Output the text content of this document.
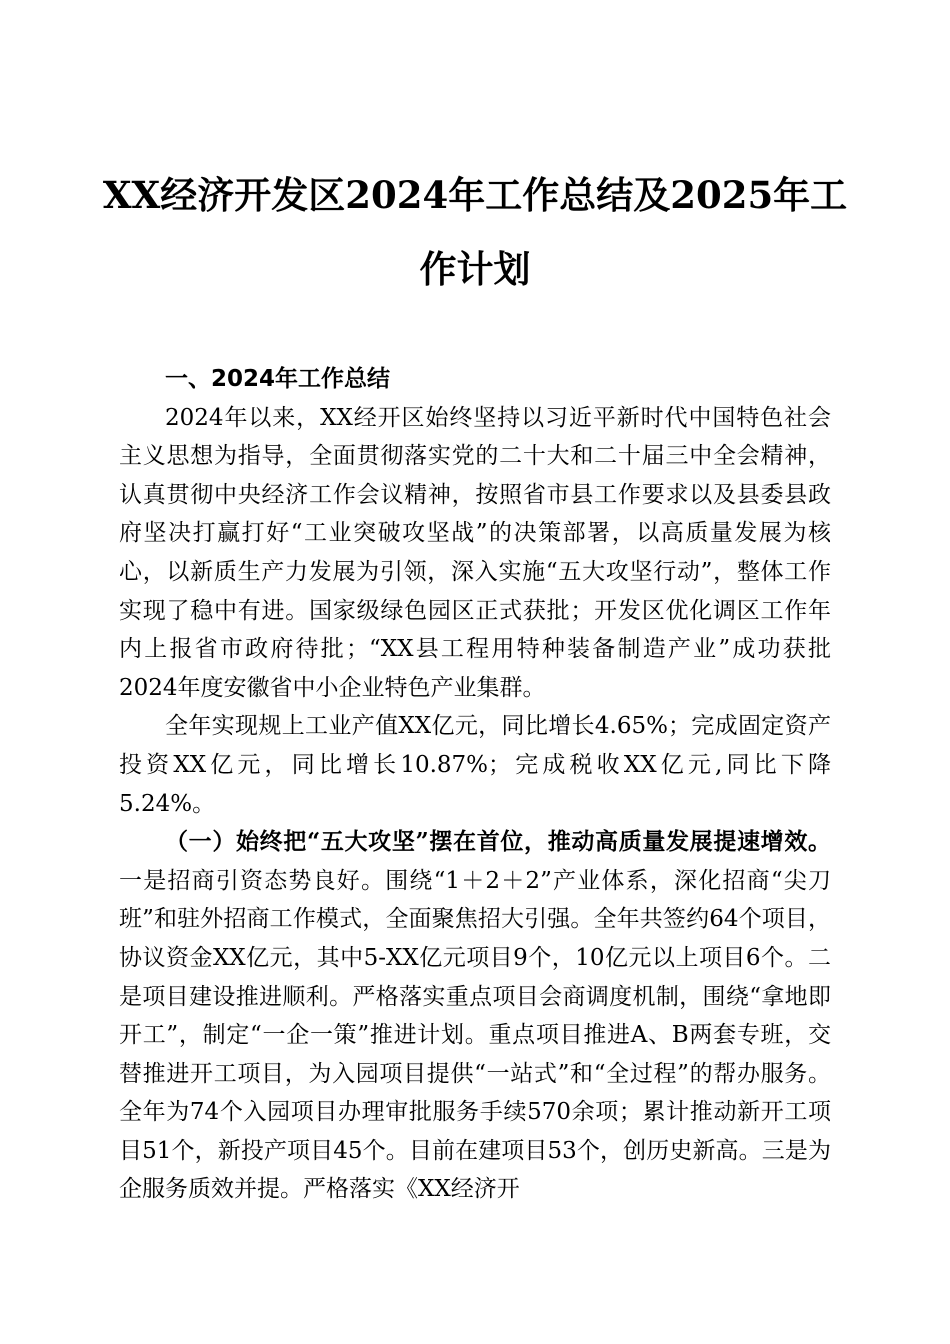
XX经济开发区2024年工作总结及2025年工
作计划
一、2024年工作总结

2024年以来，XX经开区始终坚持以习近平新时代中国特色社会主义思想为指导，全面贯彻落实党的二十大和二十届三中全会精神，认真贯彻中央经济工作会议精神，按照省市县工作要求以及县委县政府坚决打赢打好“工业突破攻坚战”的决策部署，以高质量发展为核心，以新质生产力发展为引领，深入实施“五大攻坚行动”，整体工作实现了稳中有进。国家级绿色园区正式获批；开发区优化调区工作年内上报省市政府待批；“XX县工程用特种装备制造产业”成功获批2024年度安徽省中小企业特色产业集群。

全年实现规上工业产值XX亿元，同比增长4.65%；完成固定资产投资XX亿元，同比增长10.87%；完成税收XX亿元,同比下降5.24%。

（一）始终把“五大攻坚”摆在首位，推动高质量发展提速增效。一是招商引资态势良好。围绕“1＋2＋2”产业体系，深化招商“尖刀班”和驻外招商工作模式，全面聚焦招大引强。全年共签约64个项目，协议资金XX亿元，其中5-XX亿元项目9个，10亿元以上项目6个。二是项目建设推进顺利。严格落实重点项目会商调度机制，围绕“拿地即开工”，制定“一企一策”推进计划。重点项目推进A、B两套专班，交替推进开工项目，为入园项目提供“一站式”和“全过程”的帮办服务。全年为74个入园项目办理审批服务手续570余项；累计推动新开工项目51个，新投产项目45个。目前在建项目53个，创历史新高。三是为企服务质效并提。严格落实《XX经济开
